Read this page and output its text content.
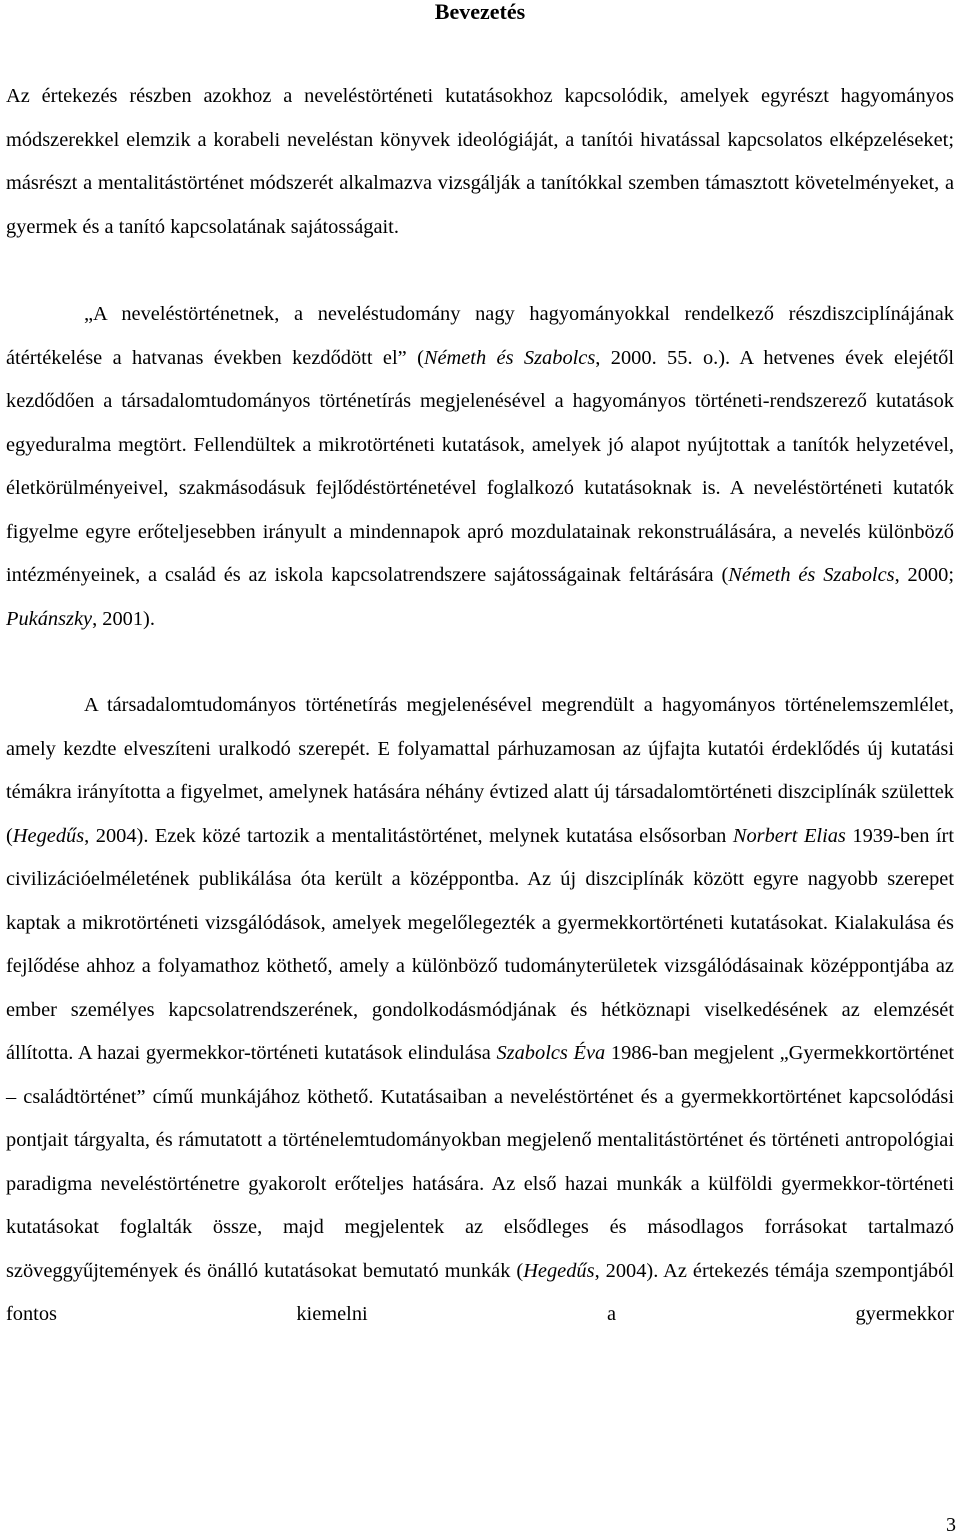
Bevezetés

Az értekezés részben azokhoz a neveléstörténeti kutatásokhoz kapcsolódik, amelyek egyrészt hagyományos módszerekkel elemzik a korabeli neveléstan könyvek ideológiáját, a tanítói hivatással kapcsolatos elképzeléseket; másrészt a mentalitástörténet módszerét alkalmazva vizsgálják a tanítókkal szemben támasztott követelményeket, a gyermek és a tanító kapcsolatának sajátosságait.

„A neveléstörténetnek, a neveléstudomány nagy hagyományokkal rendelkező részdiszciplínájának átértékelése a hatvanas években kezdődött el” (Németh és Szabolcs, 2000. 55. o.). A hetvenes évek elejétől kezdődően a társadalomtudományos történetírás megjelenésével a hagyományos történeti-rendszerező kutatások egyeduralma megtört. Fellendültek a mikrotörténeti kutatások, amelyek jó alapot nyújtottak a tanítók helyzetével, életkörülményeivel, szakmásodásuk fejlődéstörténetével foglalkozó kutatásoknak is. A neveléstörténeti kutatók figyelme egyre erőteljesebben irányult a mindennapok apró mozdulatainak rekonstruálására, a nevelés különböző intézményeinek, a család és az iskola kapcsolatrendszere sajátosságainak feltárására (Németh és Szabolcs, 2000; Pukánszky, 2001).

A társadalomtudományos történetírás megjelenésével megrendült a hagyományos történelemszemlélet, amely kezdte elveszíteni uralkodó szerepét. E folyamattal párhuzamosan az újfajta kutatói érdeklődés új kutatási témákra irányította a figyelmet, amelynek hatására néhány évtized alatt új társadalomtörténeti diszciplínák születtek (Hegedűs, 2004). Ezek közé tartozik a mentalitástörténet, melynek kutatása elsősorban Norbert Elias 1939-ben írt civilizációelméletének publikálása óta került a középpontba. Az új diszciplínák között egyre nagyobb szerepet kaptak a mikrotörténeti vizsgálódások, amelyek megelőlegezték a gyermekkortörténeti kutatásokat. Kialakulása és fejlődése ahhoz a folyamathoz köthető, amely a különböző tudományterületek vizsgálódásainak középpontjába az ember személyes kapcsolatrendszerének, gondolkodásmódjának és hétköznapi viselkedésének az elemzését állította. A hazai gyermekkor-történeti kutatások elindulása Szabolcs Éva 1986-ban megjelent „Gyermekkortörténet – családtörténet” című munkájához köthető. Kutatásaiban a neveléstörténet és a gyermekkortörténet kapcsolódási pontjait tárgyalta, és rámutatott a történelemtudományokban megjelenő mentalitástörténet és történeti antropológiai paradigma neveléstörténetre gyakorolt erőteljes hatására. Az első hazai munkák a külföldi gyermekkor-történeti kutatásokat foglalták össze, majd megjelentek az elsődleges és másodlagos forrásokat tartalmazó szöveggyűjtemények és önálló kutatásokat bemutató munkák (Hegedűs, 2004). Az értekezés témája szempontjából fontos kiemelni a gyermekkor

3
